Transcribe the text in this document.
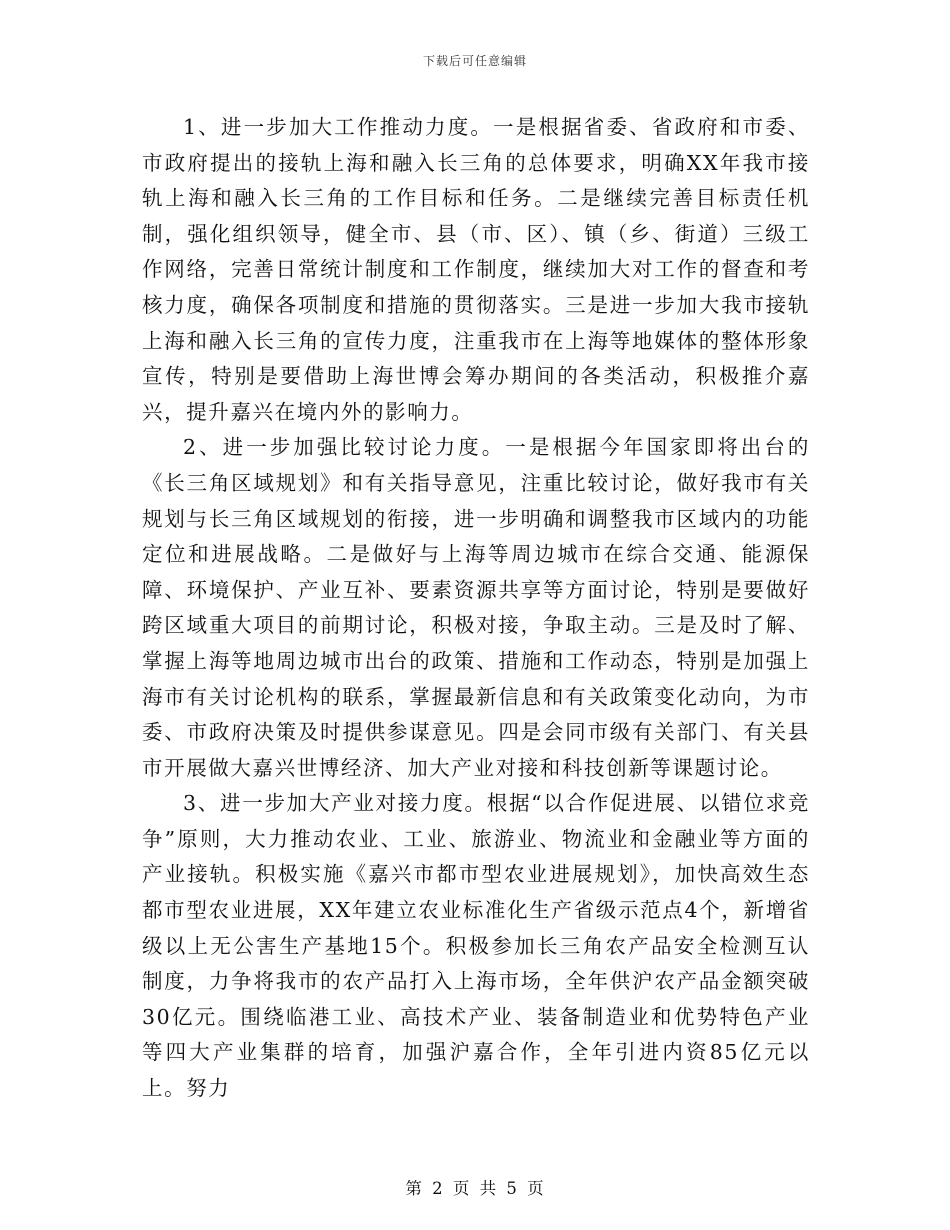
下载后可任意编辑

1、进一步加大工作推动力度。一是根据省委、省政府和市委、市政府提出的接轨上海和融入长三角的总体要求，明确XX年我市接轨上海和融入长三角的工作目标和任务。二是继续完善目标责任机制，强化组织领导，健全市、县（市、区）、镇（乡、街道）三级工作网络，完善日常统计制度和工作制度，继续加大对工作的督查和考核力度，确保各项制度和措施的贯彻落实。三是进一步加大我市接轨上海和融入长三角的宣传力度，注重我市在上海等地媒体的整体形象宣传，特别是要借助上海世博会筹办期间的各类活动，积极推介嘉兴，提升嘉兴在境内外的影响力。

2、进一步加强比较讨论力度。一是根据今年国家即将出台的《长三角区域规划》和有关指导意见，注重比较讨论，做好我市有关规划与长三角区域规划的衔接，进一步明确和调整我市区域内的功能定位和进展战略。二是做好与上海等周边城市在综合交通、能源保障、环境保护、产业互补、要素资源共享等方面讨论，特别是要做好跨区域重大项目的前期讨论，积极对接，争取主动。三是及时了解、掌握上海等地周边城市出台的政策、措施和工作动态，特别是加强上海市有关讨论机构的联系，掌握最新信息和有关政策变化动向，为市委、市政府决策及时提供参谋意见。四是会同市级有关部门、有关县市开展做大嘉兴世博经济、加大产业对接和科技创新等课题讨论。

3、进一步加大产业对接力度。根据“以合作促进展、以错位求竞争”原则，大力推动农业、工业、旅游业、物流业和金融业等方面的产业接轨。积极实施《嘉兴市都市型农业进展规划》，加快高效生态都市型农业进展，XX年建立农业标准化生产省级示范点4个，新增省级以上无公害生产基地15个。积极参加长三角农产品安全检测互认制度，力争将我市的农产品打入上海市场，全年供沪农产品金额突破30亿元。围绕临港工业、高技术产业、装备制造业和优势特色产业等四大产业集群的培育，加强沪嘉合作，全年引进内资85亿元以上。努力

第 2 页 共 5 页
